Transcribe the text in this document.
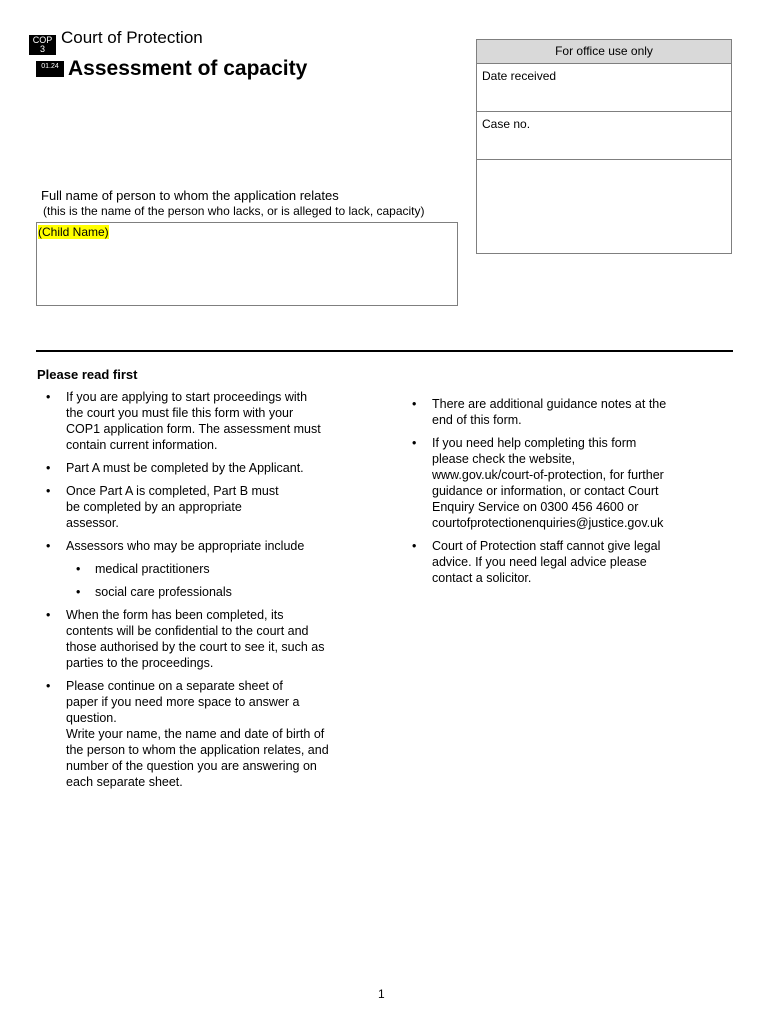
COP
3
01.24
Court of Protection
Assessment of capacity
For office use only
Date received
Case no.
Full name of person to whom the application relates
(this is the name of the person who lacks, or is alleged to lack, capacity)
(Child Name)
Please read first
• If you are applying to start proceedings with
the court you must file this form with your
COP1 application form. The assessment must
contain current information.
• Part A must be completed by the Applicant.
• Once Part A is completed, Part B must
be completed by an appropriate
assessor.
• Assessors who may be appropriate include
• medical practitioners
• social care professionals
• When the form has been completed, its
contents will be confidential to the court and
those authorised by the court to see it, such as
parties to the proceedings.
• Please continue on a separate sheet of
paper if you need more space to answer a
question.
Write your name, the name and date of birth of
the person to whom the application relates, and
number of the question you are answering on
each separate sheet.
• There are additional guidance notes at the
end of this form.
• If you need help completing this form
please check the website,
www.gov.uk/court-of-protection, for further
guidance or information, or contact Court
Enquiry Service on 0300 456 4600 or
courtofprotectionenquiries@justice.gov.uk
• Court of Protection staff cannot give legal
advice. If you need legal advice please
contact a solicitor.
1
